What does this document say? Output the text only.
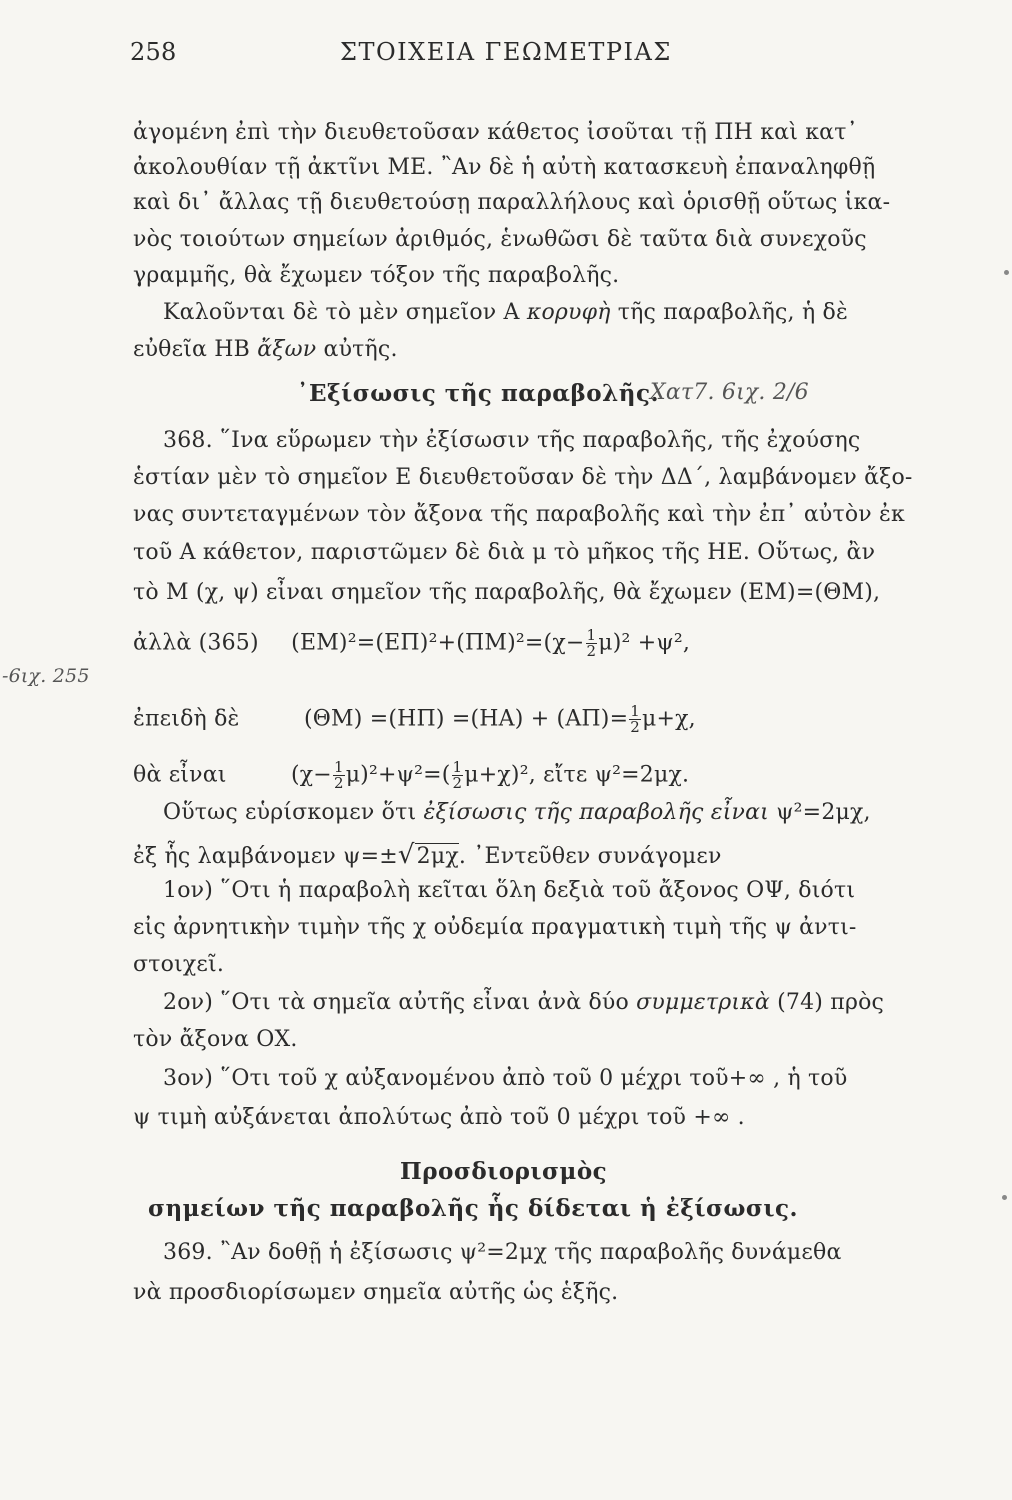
258	ΣΤΟΙΧΕΙΑ ΓΕΩΜΕΤΡΙΑΣ
ἀγομένη ἐπὶ τὴν διευθετοῦσαν κάθετος ἰσοῦται τῇ ΠΗ καὶ κατ᾽
ἀκολουθίαν τῇ ἀκτῖνι ΜΕ. ῍Αν δὲ ἡ αὐτὴ κατασκευὴ ἐπαναληφθῇ
καὶ δι᾽ ἄλλας τῇ διευθετούσῃ παραλλήλους καὶ ὁρισθῇ οὕτως ἱκα-
νὸς τοιούτων σημείων ἀριθμός, ἑνωθῶσι δὲ ταῦτα διὰ συνεχοῦς
γραμμῆς, θὰ ἔχωμεν τόξον τῆς παραβολῆς.
Καλοῦνται δὲ τὸ μὲν σημεῖον Α κορυφὴ τῆς παραβολῆς, ἡ δὲ
εὐθεῖα ΗΒ ἄξων αὐτῆς.
᾽Εξίσωσις τῆς παραβολῆς.
Χατ7. 6ιχ. 2/6
368. ῞Ινα εὕρωμεν τὴν ἐξίσωσιν τῆς παραβολῆς, τῆς ἐχούσης
ἑστίαν μὲν τὸ σημεῖον Ε διευθετοῦσαν δὲ τὴν ΔΔ΄, λαμβάνομεν ἄξο-
νας συντεταγμένων τὸν ἄξονα τῆς παραβολῆς καὶ τὴν ἐπ᾽ αὐτὸν ἐκ
τοῦ Α κάθετον, παριστῶμεν δὲ διὰ μ τὸ μῆκος τῆς ΗΕ. Οὕτως, ἂν
τὸ Μ (χ, ψ) εἶναι σημεῖον τῆς παραβολῆς, θὰ ἔχωμεν (ΕΜ)=(ΘΜ),
ἀλλὰ (365) $(EM)^2=(E\Pi)^2+(\Pi M)^2=(\chi- \frac{1}{2} \mu)^2 +\psi^2$,
-6ιχ. 255
ἐπειδὴ δὲ	$(\Theta M) =(H\Pi) =(HA) + (A\Pi)= \frac{1}{2} \mu+\chi$,
θὰ εἶναι	$(\chi- \frac{1}{2} \mu)^2+\psi^2=( \frac{1}{2} \mu+\chi)^2$, εἴτε ψ²=2μχ.
Οὕτως εὑρίσκομεν ὅτι ἐξίσωσις τῆς παραβολῆς εἶναι ψ²=2μχ,
ἐξ ἧς λαμβάνομεν ψ=±√2μχ. ᾽Εντεῦθεν συνάγομεν
1ον) ῞Οτι ἡ παραβολὴ κεῖται ὅλη δεξιὰ τοῦ ἄξονος ΟΨ, διότι
εἰς ἀρνητικὴν τιμὴν τῆς χ οὐδεμία πραγματικὴ τιμὴ τῆς ψ ἀντι-
στοιχεῖ.
2ον) ῞Οτι τὰ σημεῖα αὐτῆς εἶναι ἀνὰ δύο συμμετρικὰ (74) πρὸς
τὸν ἄξονα ΟΧ.
3ον) ῞Οτι τοῦ χ αὐξανομένου ἀπὸ τοῦ 0 μέχρι τοῦ+∞ , ἡ τοῦ
ψ τιμὴ αὐξάνεται ἀπολύτως ἀπὸ τοῦ 0 μέχρι τοῦ +∞ .
Προσδιορισμὸς
σημείων τῆς παραβολῆς ἧς δίδεται ἡ ἐξίσωσις.
369. ῍Αν δοθῇ ἡ ἐξίσωσις ψ²=2μχ τῆς παραβολῆς δυνάμεθα
νὰ προσδιορίσωμεν σημεῖα αὐτῆς ὡς ἑξῆς.
